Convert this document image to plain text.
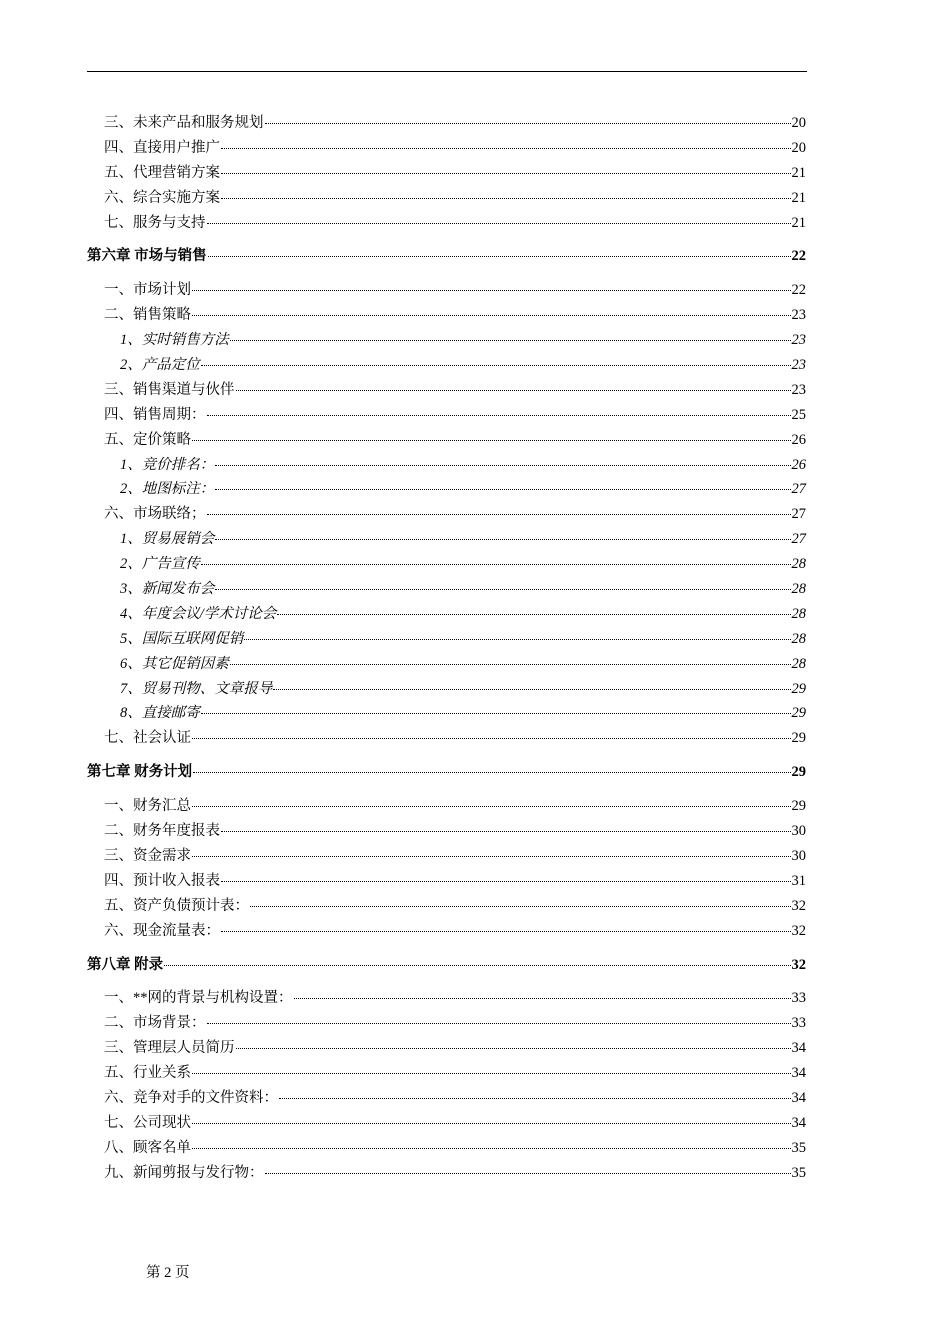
三、未来产品和服务规划	20
四、直接用户推广	20
五、代理营销方案	21
六、综合实施方案	21
七、服务与支持	21
第六章 市场与销售	22
一、市场计划	22
二、销售策略	23
1、实时销售方法	23
2、产品定位	23
三、销售渠道与伙伴	23
四、销售周期：	25
五、定价策略	26
1、竞价排名：	26
2、地图标注：	27
六、市场联络；	27
1、贸易展销会	27
2、广告宣传	28
3、新闻发布会	28
4、年度会议/学术讨论会	28
5、国际互联网促销	28
6、其它促销因素	28
7、贸易刊物、文章报导	29
8、直接邮寄	29
七、社会认证	29
第七章 财务计划	29
一、财务汇总	29
二、财务年度报表	30
三、资金需求	30
四、预计收入报表	31
五、资产负债预计表：	32
六、现金流量表：	32
第八章 附录	32
一、**网的背景与机构设置：	33
二、市场背景：	33
三、管理层人员简历	34
五、行业关系	34
六、竞争对手的文件资料：	34
七、公司现状	34
八、顾客名单	35
九、新闻剪报与发行物：	35
第 2 页
